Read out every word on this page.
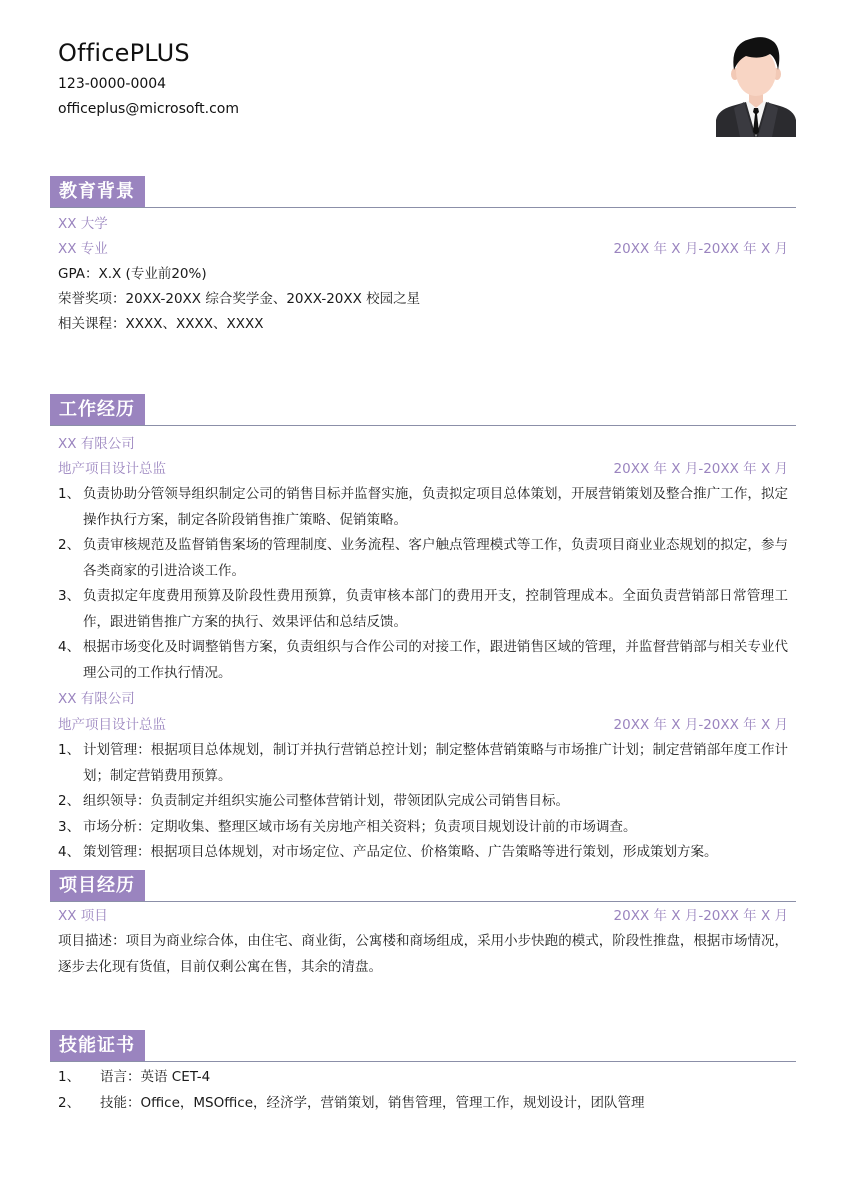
OfficePLUS
123-0000-0004
officeplus@microsoft.com
教育背景
XX 大学
XX 专业	20XX 年 X 月-20XX 年 X 月
GPA：X.X (专业前20%)
荣誉奖项：20XX-20XX 综合奖学金、20XX-20XX 校园之星
相关课程：XXXX、XXXX、XXXX
工作经历
XX 有限公司
地产项目设计总监	20XX 年 X 月-20XX 年 X 月
1、 负责协助分管领导组织制定公司的销售目标并监督实施，负责拟定项目总体策划，开展营销策划及整合推广工作，拟定操作执行方案，制定各阶段销售推广策略、促销策略。
2、 负责审核规范及监督销售案场的管理制度、业务流程、客户触点管理模式等工作，负责项目商业业态规划的拟定，参与各类商家的引进洽谈工作。
3、 负责拟定年度费用预算及阶段性费用预算，负责审核本部门的费用开支，控制管理成本。全面负责营销部日常管理工作，跟进销售推广方案的执行、效果评估和总结反馈。
4、 根据市场变化及时调整销售方案，负责组织与合作公司的对接工作，跟进销售区域的管理，并监督营销部与相关专业代理公司的工作执行情况。
XX 有限公司
地产项目设计总监	20XX 年 X 月-20XX 年 X 月
1、 计划管理：根据项目总体规划，制订并执行营销总控计划；制定整体营销策略与市场推广计划；制定营销部年度工作计划；制定营销费用预算。
2、 组织领导：负责制定并组织实施公司整体营销计划，带领团队完成公司销售目标。
3、 市场分析：定期收集、整理区域市场有关房地产相关资料；负责项目规划设计前的市场调查。
4、 策划管理：根据项目总体规划，对市场定位、产品定位、价格策略、广告策略等进行策划，形成策划方案。
项目经历
XX 项目	20XX 年 X 月-20XX 年 X 月
项目描述：项目为商业综合体，由住宅、商业街，公寓楼和商场组成，采用小步快跑的模式，阶段性推盘，根据市场情况，逐步去化现有货值，目前仅剩公寓在售，其余的清盘。
技能证书
1、	语言：英语 CET-4
2、	技能：Office，MSOffice，经济学，营销策划，销售管理，管理工作，规划设计，团队管理
